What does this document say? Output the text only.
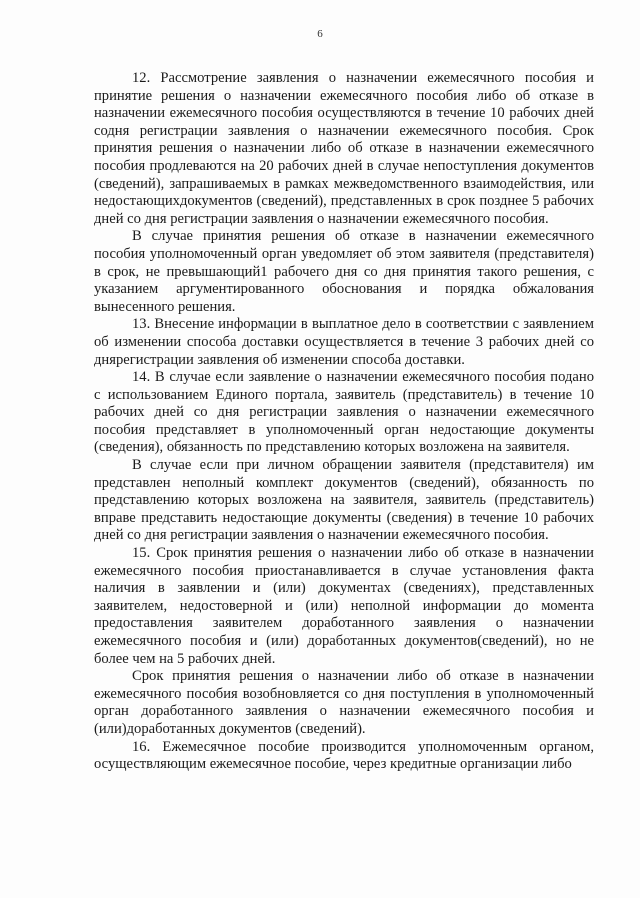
6

12. Рассмотрение заявления о назначении ежемесячного пособия и принятие решения о назначении ежемесячного пособия либо об отказе в назначении ежемесячного пособия осуществляются в течение 10 рабочих дней содня регистрации заявления о назначении ежемесячного пособия. Срок принятия решения о назначении либо об отказе в назначении ежемесячного пособия продлеваются на 20 рабочих дней в случае непоступления документов (сведений), запрашиваемых в рамках межведомственного взаимодействия, или недостающихдокументов (сведений), представленных в срок позднее 5 рабочих дней со дня регистрации заявления о назначении ежемесячного пособия.

В случае принятия решения об отказе в назначении ежемесячного пособия уполномоченный орган уведомляет об этом заявителя (представителя) в срок, не превышающий1 рабочего дня со дня принятия такого решения, с указанием аргументированного обоснования и порядка обжалования вынесенного решения.

13. Внесение информации в выплатное дело в соответствии с заявлением об изменении способа доставки осуществляется в течение 3 рабочих дней со днярегистрации заявления об изменении способа доставки.

14. В случае если заявление о назначении ежемесячного пособия подано с использованием Единого портала, заявитель (представитель) в течение 10 рабочих дней со дня регистрации заявления о назначении ежемесячного пособия представляет в уполномоченный орган недостающие документы (сведения), обязанность по представлению которых возложена на заявителя.

В случае если при личном обращении заявителя (представителя) им представлен неполный комплект документов (сведений), обязанность по представлению которых возложена на заявителя, заявитель (представитель) вправе представить недостающие документы (сведения) в течение 10 рабочих дней со дня регистрации заявления о назначении ежемесячного пособия.

15. Срок принятия решения о назначении либо об отказе в назначении ежемесячного пособия приостанавливается в случае установления факта наличия в заявлении и (или) документах (сведениях), представленных заявителем, недостоверной и (или) неполной информации до момента предоставления заявителем доработанного заявления о назначении ежемесячного пособия и (или) доработанных документов(сведений), но не более чем на 5 рабочих дней.

Срок принятия решения о назначении либо об отказе в назначении ежемесячного пособия возобновляется со дня поступления в уполномоченный орган доработанного заявления о назначении ежемесячного пособия и (или)доработанных документов (сведений).

16. Ежемесячное пособие производится уполномоченным органом, осуществляющим ежемесячное пособие, через кредитные организации либо
